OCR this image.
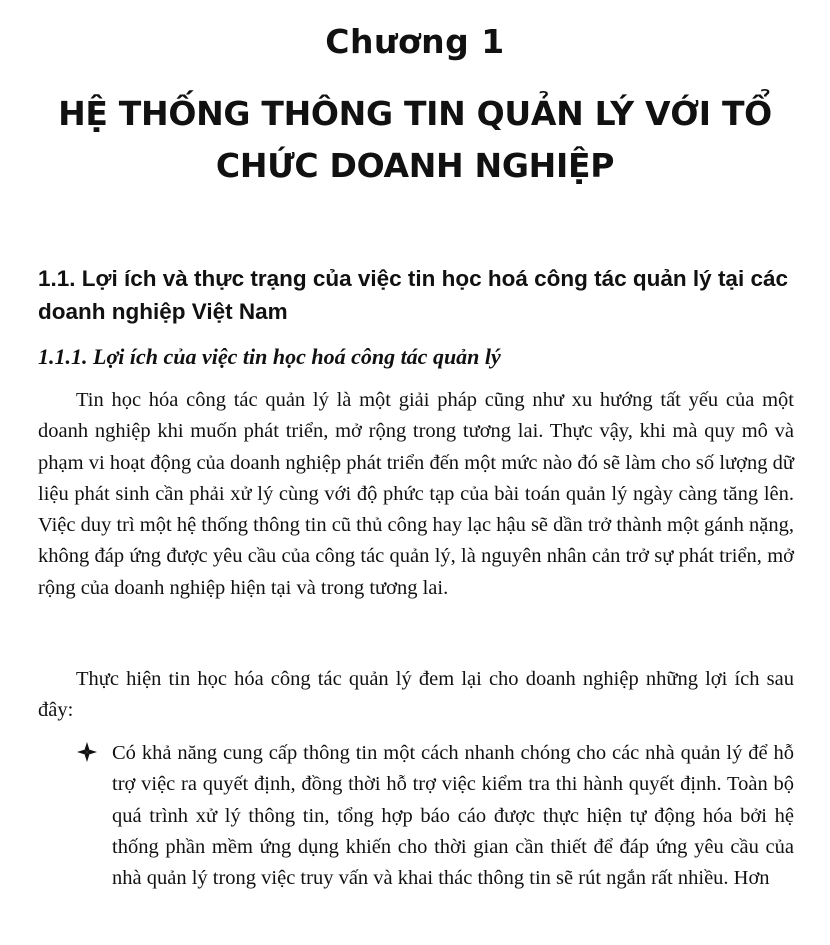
Chương 1
HỆ THỐNG THÔNG TIN QUẢN LÝ VỚI TỔ CHỨC DOANH NGHIỆP
1.1. Lợi ích và thực trạng của việc tin học hoá công tác quản lý tại các doanh nghiệp Việt Nam
1.1.1. Lợi ích của việc tin học hoá công tác quản lý
Tin học hóa công tác quản lý là một giải pháp cũng như xu hướng tất yếu của một doanh nghiệp khi muốn phát triển, mở rộng trong tương lai. Thực vậy, khi mà quy mô và phạm vi hoạt động của doanh nghiệp phát triển đến một mức nào đó sẽ làm cho số lượng dữ liệu phát sinh cần phải xử lý cùng với độ phức tạp của bài toán quản lý ngày càng tăng lên. Việc duy trì một hệ thống thông tin cũ thủ công hay lạc hậu sẽ dần trở thành một gánh nặng, không đáp ứng được yêu cầu của công tác quản lý, là nguyên nhân cản trở sự phát triển, mở rộng của doanh nghiệp hiện tại và trong tương lai.
Thực hiện tin học hóa công tác quản lý đem lại cho doanh nghiệp những lợi ích sau đây:
Có khả năng cung cấp thông tin một cách nhanh chóng cho các nhà quản lý để hỗ trợ việc ra quyết định, đồng thời hỗ trợ việc kiểm tra thi hành quyết định. Toàn bộ quá trình xử lý thông tin, tổng hợp báo cáo được thực hiện tự động hóa bởi hệ thống phần mềm ứng dụng khiến cho thời gian cần thiết để đáp ứng yêu cầu của nhà quản lý trong việc truy vấn và khai thác thông tin sẽ rút ngắn rất nhiều. Hơn
